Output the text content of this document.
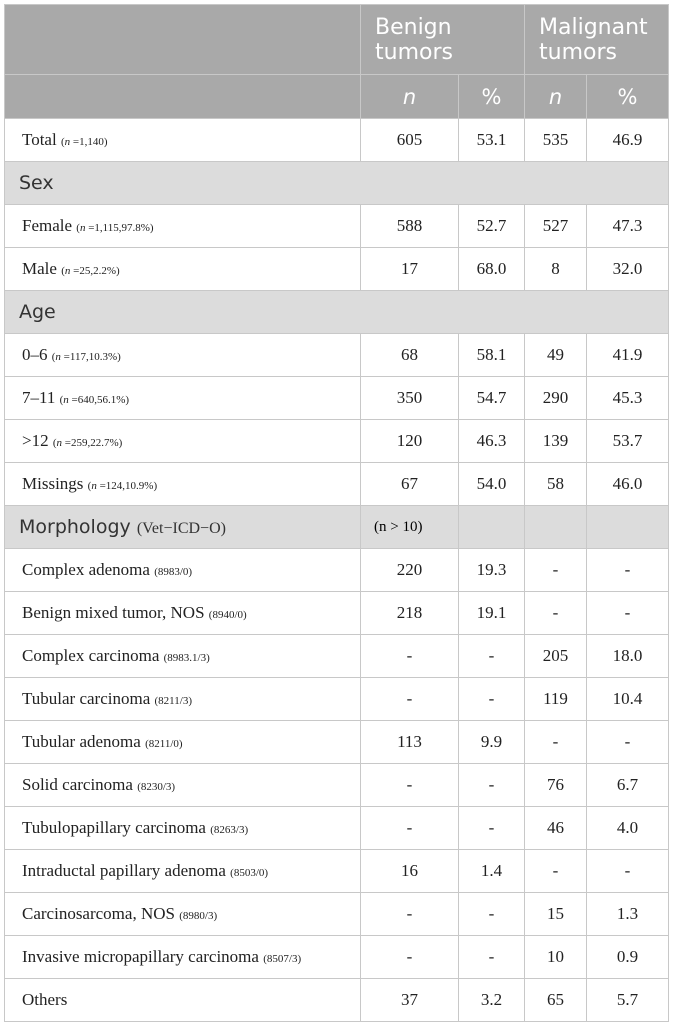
	Benign tumors		Malignant tumors	
	n	%	n	%
Total (n =1,140)	605	53.1	535	46.9
Sex				
Female (n =1,115,97.8%)	588	52.7	527	47.3
Male (n =25,2.2%)	17	68.0	8	32.0
Age				
0–6 (n =117,10.3%)	68	58.1	49	41.9
7–11 (n =640,56.1%)	350	54.7	290	45.3
>12 (n =259,22.7%)	120	46.3	139	53.7
Missings (n =124,10.9%)	67	54.0	58	46.0
Morphology (Vet−ICD−O)	(n > 10)			
Complex adenoma (8983/0)	220	19.3	-	-
Benign mixed tumor, NOS (8940/0)	218	19.1	-	-
Complex carcinoma (8983.1/3)	-	-	205	18.0
Tubular carcinoma (8211/3)	-	-	119	10.4
Tubular adenoma (8211/0)	113	9.9	-	-
Solid carcinoma (8230/3)	-	-	76	6.7
Tubulopapillary carcinoma (8263/3)	-	-	46	4.0
Intraductal papillary adenoma (8503/0)	16	1.4	-	-
Carcinosarcoma, NOS (8980/3)	-	-	15	1.3
Invasive micropapillary carcinoma (8507/3)	-	-	10	0.9
Others	37	3.2	65	5.7
